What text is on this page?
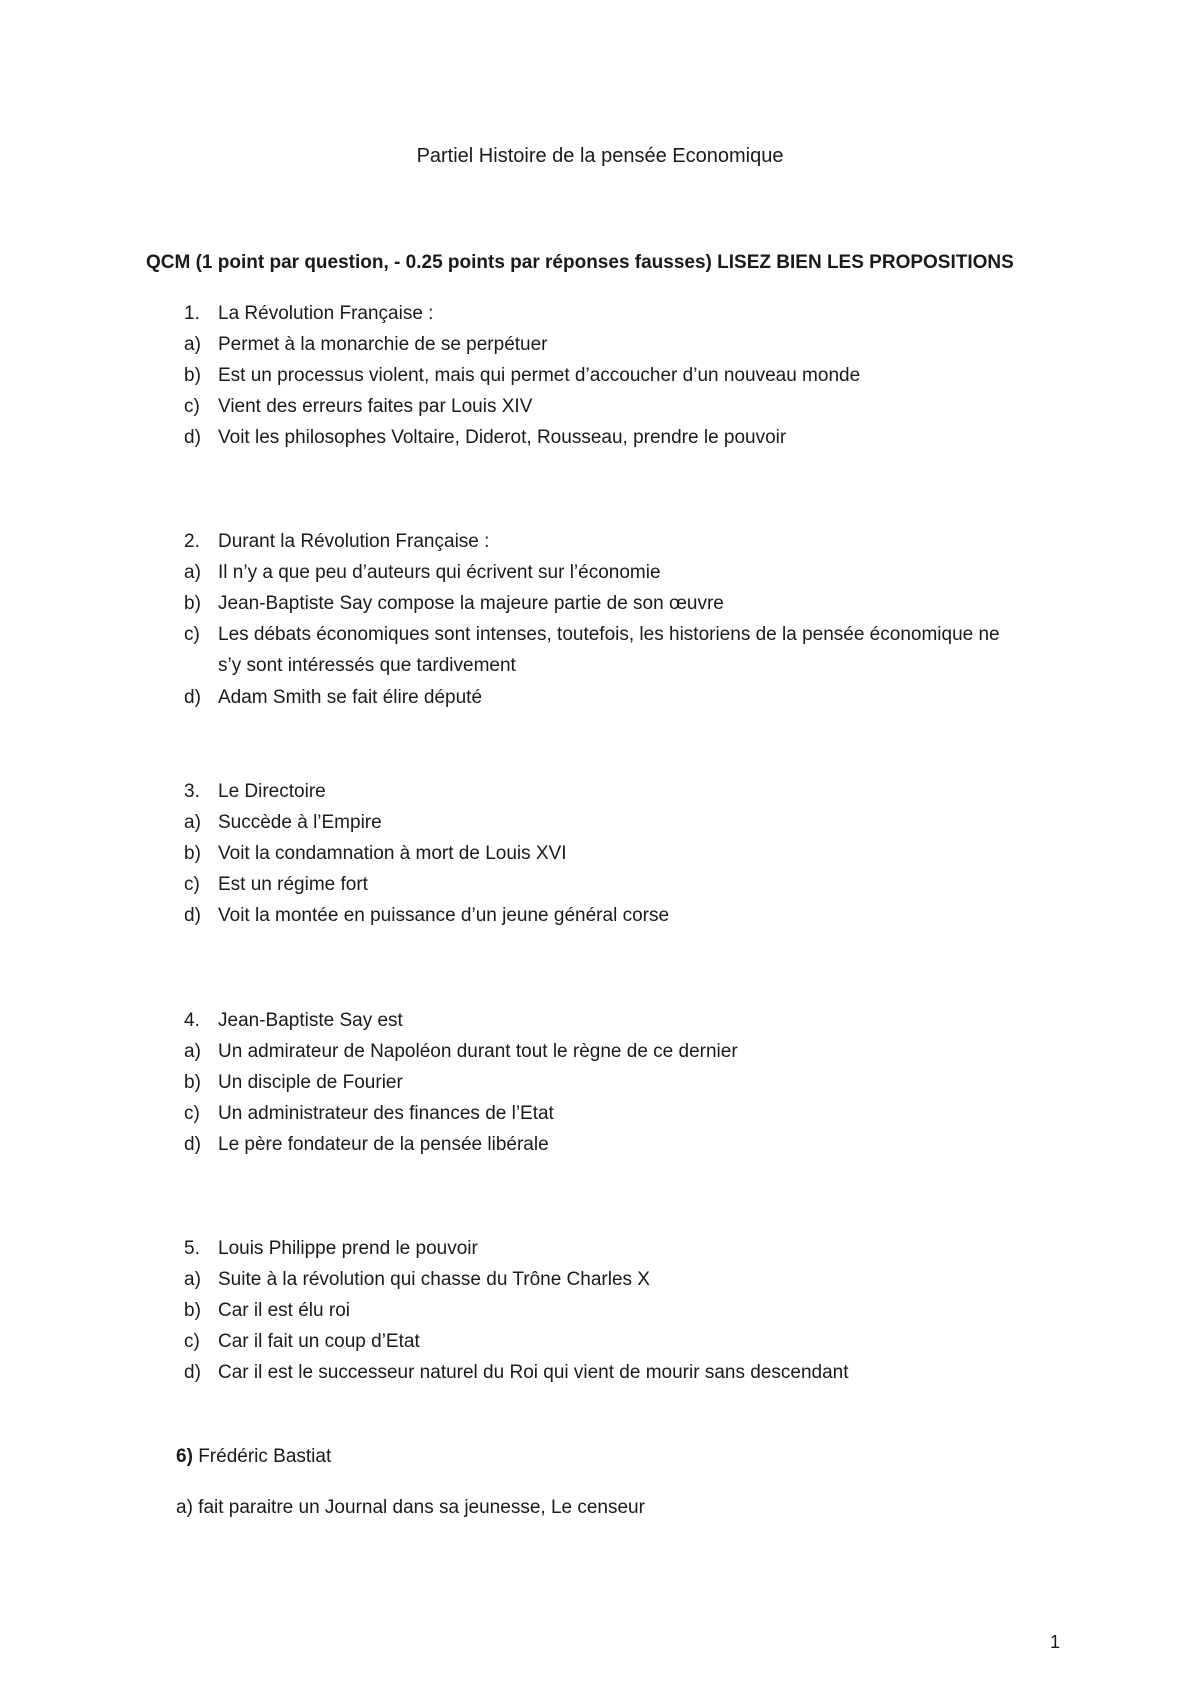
Partiel Histoire de la pensée Economique
QCM (1 point par question, - 0.25 points par réponses fausses) LISEZ BIEN LES PROPOSITIONS
1. La Révolution Française :
a) Permet à la monarchie de se perpétuer
b) Est un processus violent, mais qui permet d’accoucher d’un nouveau monde
c) Vient des erreurs faites par Louis XIV
d) Voit les philosophes Voltaire, Diderot, Rousseau, prendre le pouvoir
2. Durant la Révolution Française :
a) Il n’y a que peu d’auteurs qui écrivent sur l’économie
b) Jean-Baptiste Say compose la majeure partie de son œuvre
c) Les débats économiques sont intenses, toutefois, les historiens de la pensée économique ne
s’y sont intéressés que tardivement
d) Adam Smith se fait élire député
3. Le Directoire
a) Succède à l’Empire
b) Voit la condamnation à mort de Louis XVI
c) Est un régime fort
d) Voit la montée en puissance d’un jeune général corse
4. Jean-Baptiste Say est
a) Un admirateur de Napoléon durant tout le règne de ce dernier
b) Un disciple de Fourier
c) Un administrateur des finances de l’Etat
d) Le père fondateur de la pensée libérale
5. Louis Philippe prend le pouvoir
a) Suite à la révolution qui chasse du Trône Charles X
b) Car il est élu roi
c) Car il fait un coup d’Etat
d) Car il est le successeur naturel du Roi qui vient de mourir sans descendant
6) Frédéric Bastiat
a) fait paraitre un Journal dans sa jeunesse, Le censeur
1
